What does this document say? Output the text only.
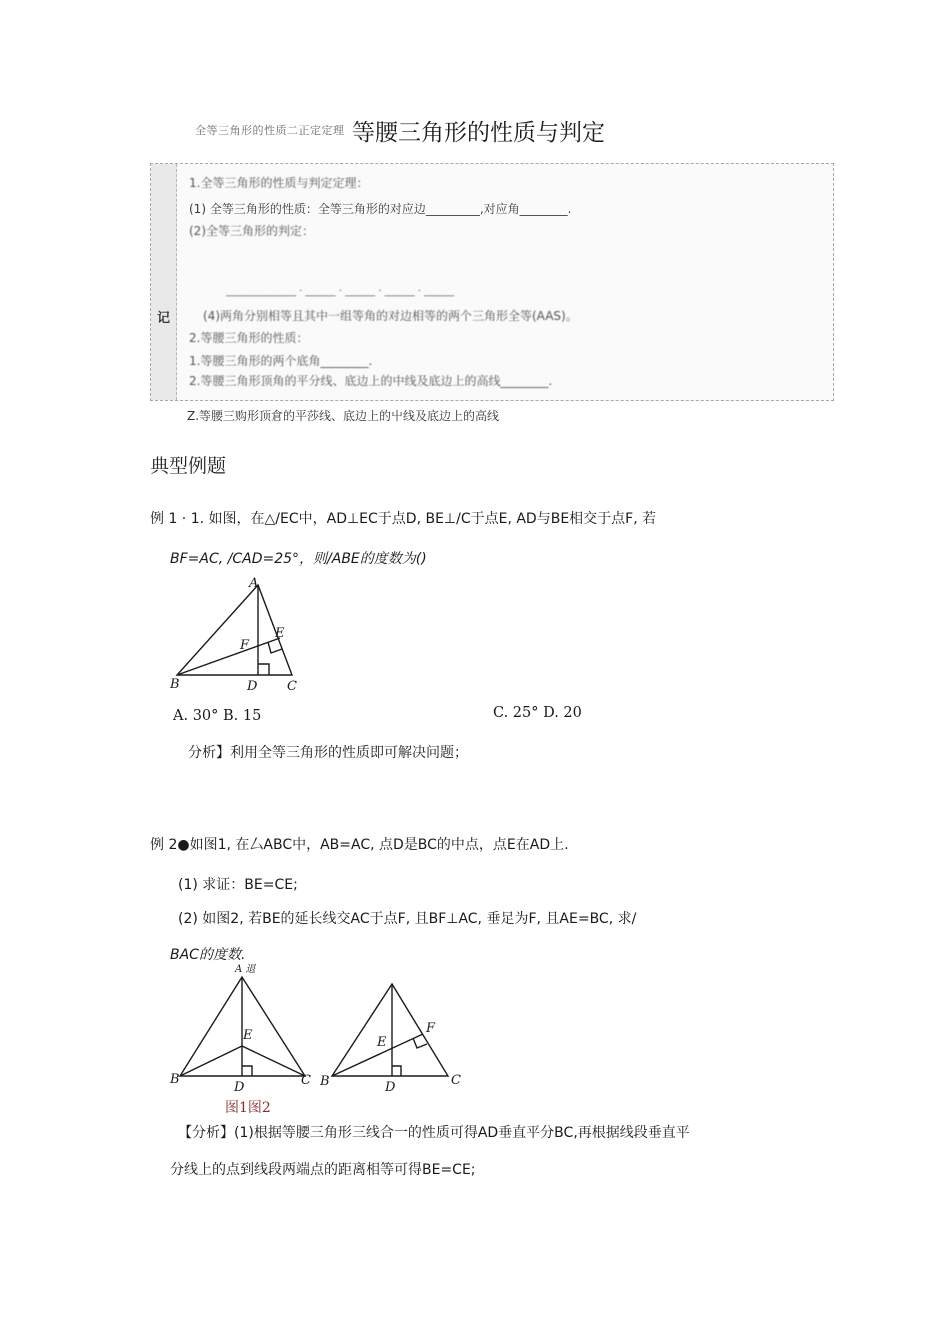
全等三角形的性质二正定定理 等腰三角形的性质与判定
记
1.全等三角形的性质与判定定理：
(1) 全等三角形的性质：全等三角形的对应边_________,对应角________.
(2)全等三角形的判定：
______________ · ______ · ______ · ______ · ______
(4)两角分别相等且其中一组等角的对边相等的两个三角形全等(AAS)。
2.等腰三角形的性质：
1.等腰三角形的两个底角________.
2.等腰三角形顶角的平分线、底边上的中线及底边上的高线________.
Z.等腰三购形顶倉的平莎线、底边上的屮线及底边上的高线
典型例题
例 1 · 1. 如图，在△/EC中，AD⊥EC于点D, BE⊥/C于点E, AD与BE相交于点F, 若
BF=AC, /CAD=25°，则/ABE的度数为()
A
B	C
D
E
F
A. 30° B. 15	C. 25° D. 20
分析】利用全等三角形的性质即可解决问题；
例 2●如图1, 在厶ABC中，AB=AC, 点D是BC的中点，点E在AD上.
(1) 求证：BE=CE;
(2) 如图2, 若BE的延长线交AC于点F, 且BF⊥AC, 垂足为F, 且AE=BC, 求/
BAC的度数.
A 退
B	C
D
E
B	C
D
E
F
图1图2
【分析】(1)根据等腰三角形三线合一的性质可得AD垂直平分BC,再根据线段垂直平
分线上的点到线段两端点的距离相等可得BE=CE;
